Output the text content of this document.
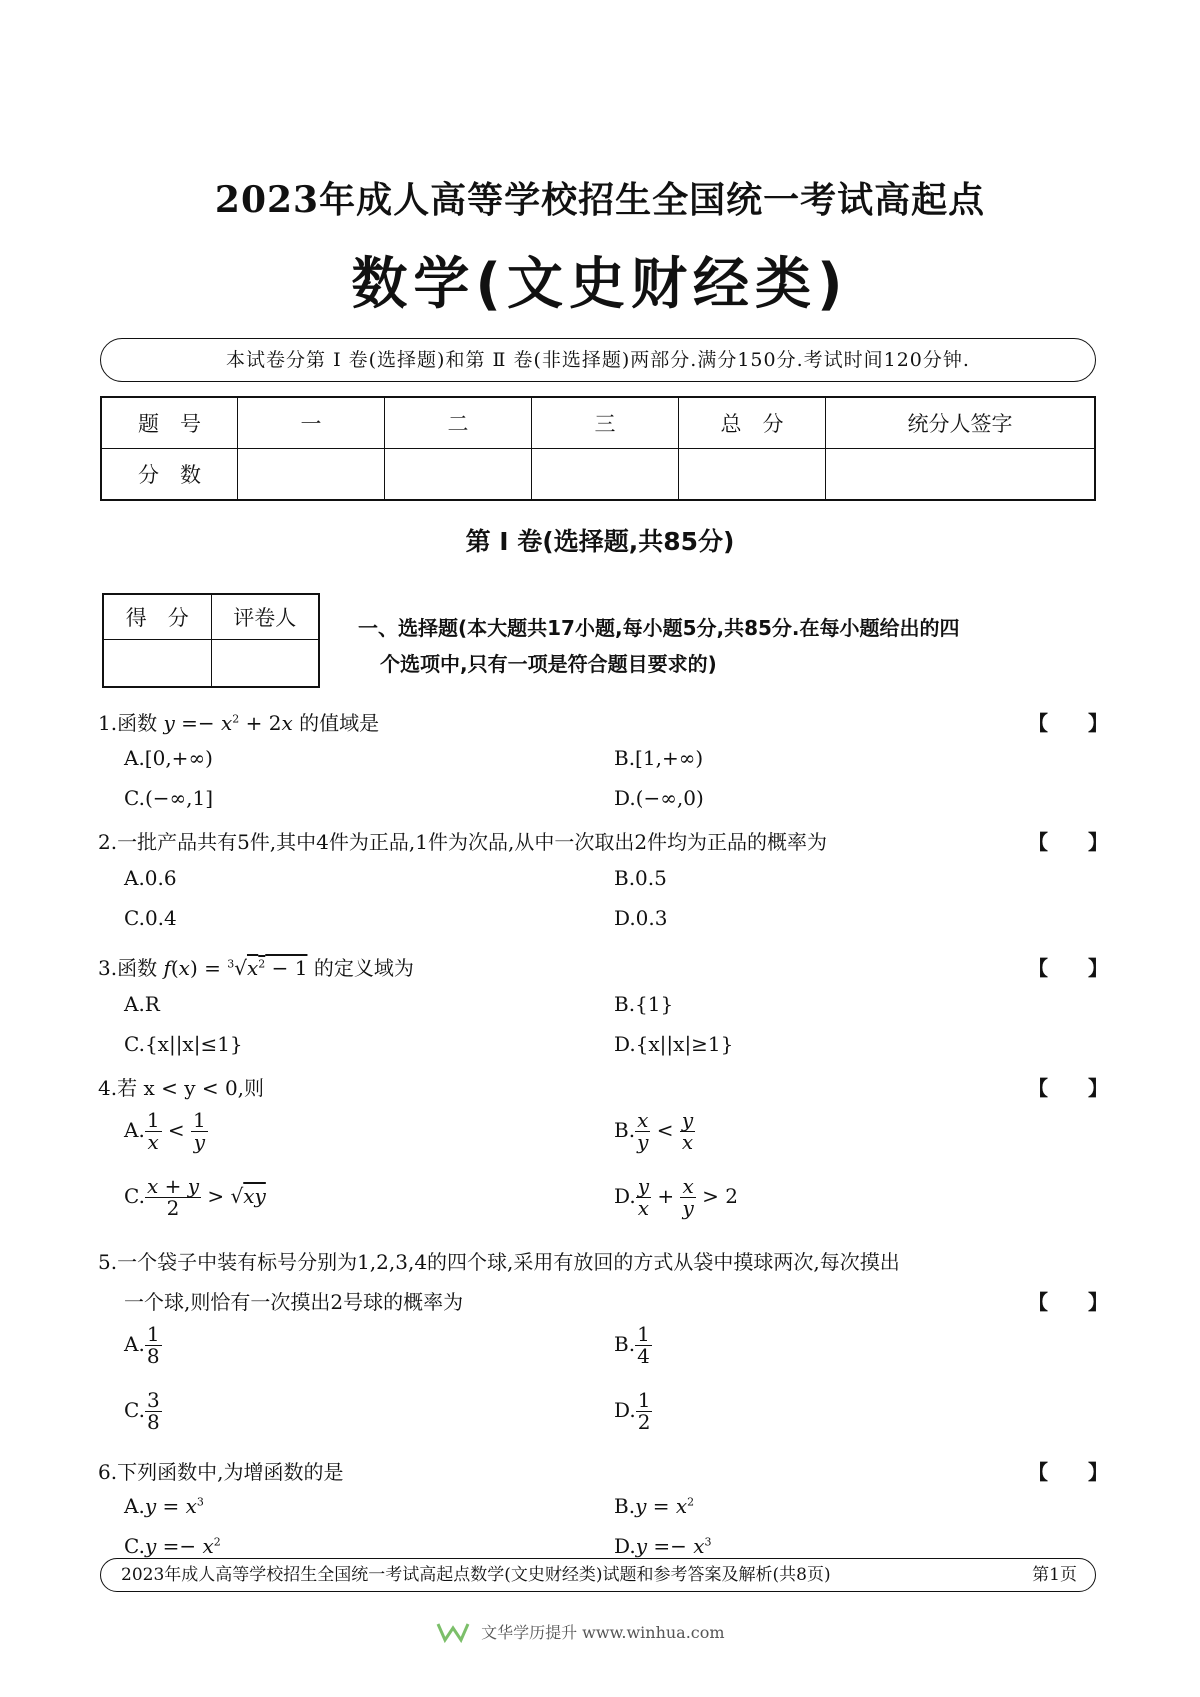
2023年成人高等学校招生全国统一考试高起点
数学(文史财经类)
本试卷分第 Ⅰ 卷(选择题)和第 Ⅱ 卷(非选择题)两部分.满分150分.考试时间120分钟.
题　号	一	二	三	总　分	统分人签字
分　数					
第 Ⅰ 卷(选择题,共85分)
得　分	评卷人
		一、选择题(本大题共17小题,每小题5分,共85分.在每小题给出的四
个选项中,只有一项是符合题目要求的)
1.函数 $y =- x^2 + 2x$ 的值域是	【　　】
A.[0,+∞)	B.[1,+∞)
C.(−∞,1]	D.(−∞,0)
2.一批产品共有5件,其中4件为正品,1件为次品,从中一次取出2件均为正品的概率为	【　　】
A.0.6	B.0.5
C.0.4	D.0.3
3.函数 $f(x) = ^3√x^2 - 1$ 的定义域为	【　　】
A.R	B.{1}
C.{x||x|≤1}	D.{x||x|≥1}
4.若 x < y < 0,则	【　　】
A. $\frac{1}{x} < \frac{1}{y}$	B. $\frac{x}{y} < \frac{y}{x}$
C. $\frac{x + y}{2} > √xy$	D. $\frac{y}{x} + \frac{x}{y} > 2$
5.一个袋子中装有标号分别为1,2,3,4的四个球,采用有放回的方式从袋中摸球两次,每次摸出
一个球,则恰有一次摸出2号球的概率为	【　　】
A. $\frac{1}{8}$	B. $\frac{1}{4}$
C. $\frac{3}{8}$	D. $\frac{1}{2}$
6.下列函数中,为增函数的是	【　　】
$A.y = x^3$	$B.y = x^2$
$C.y =- x^2$	$D.y =- x^3$
2023年成人高等学校招生全国统一考试高起点数学(文史财经类)试题和参考答案及解析(共8页)	第1页
文华学历提升 www.winhua.com
